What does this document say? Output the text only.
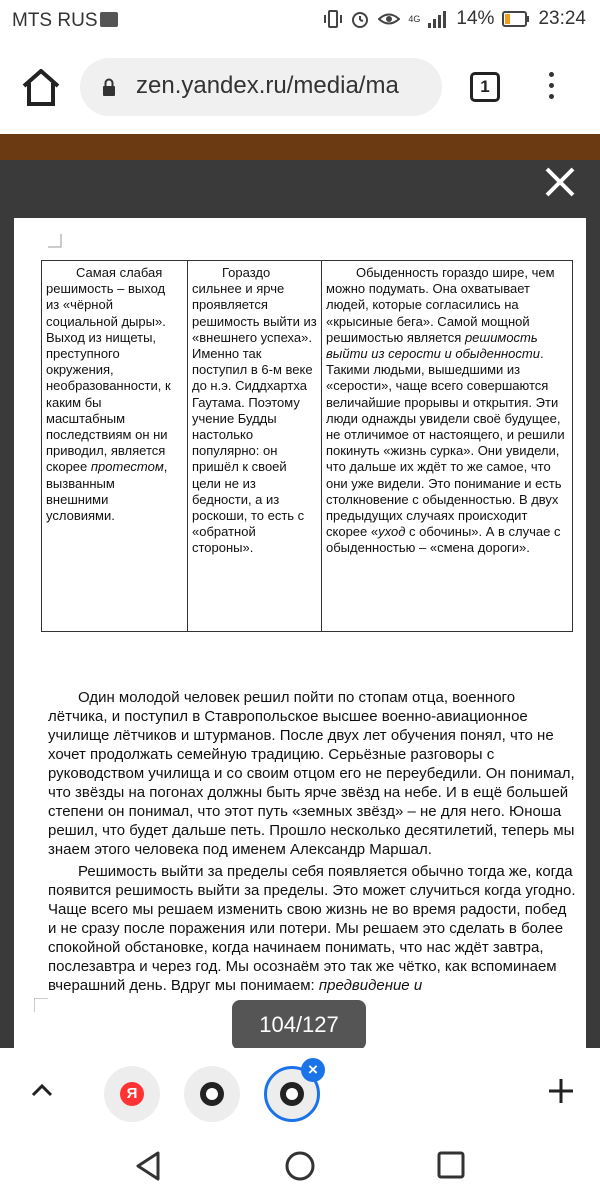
MTS RUS	4G 14% 23:24
zen.yandex.ru/media/ma	1

Самая слабая решимость – выход из «чёрной социальной дыры». Выход из нищеты, преступного окружения, необразованности, к каким бы масштабным последствиям он ни приводил, является скорее протестом, вызванным внешними условиями.

Гораздо сильнее и ярче проявляется решимость выйти из «внешнего успеха». Именно так поступил в 6-м веке до н.э. Сиддхартха Гаутама. Поэтому учение Будды настолько популярно: он пришёл к своей цели не из бедности, а из роскоши, то есть с «обратной стороны».

Обыденность гораздо шире, чем можно подумать. Она охватывает людей, которые согласились на «крысиные бега». Самой мощной решимостью является решимость выйти из серости и обыденности. Такими людьми, вышедшими из «серости», чаще всего совершаются величайшие прорывы и открытия. Эти люди однажды увидели своё будущее, не отличимое от настоящего, и решили покинуть «жизнь сурка». Они увидели, что дальше их ждёт то же самое, что они уже видели. Это понимание и есть столкновение с обыденностью. В двух предыдущих случаях происходит скорее «уход с обочины». А в случае с обыденностью – «смена дороги».

Один молодой человек решил пойти по стопам отца, военного лётчика, и поступил в Ставропольское высшее военно-авиационное училище лётчиков и штурманов. После двух лет обучения понял, что не хочет продолжать семейную традицию. Серьёзные разговоры с руководством училища и со своим отцом его не переубедили. Он понимал, что звёзды на погонах должны быть ярче звёзд на небе. И в ещё большей степени он понимал, что этот путь «земных звёзд» – не для него. Юноша решил, что будет дальше петь. Прошло несколько десятилетий, теперь мы знаем этого человека под именем Александр Маршал.
Решимость выйти за пределы себя появляется обычно тогда же, когда появится решимость выйти за пределы. Это может случиться когда угодно. Чаще всего мы решаем изменить свою жизнь не во время радости, побед и не сразу после поражения или потери. Мы решаем это сделать в более спокойной обстановке, когда начинаем понимать, что нас ждёт завтра, послезавтра и через год. Мы осознаём это так же чётко, как вспоминаем вчерашний день. Вдруг мы понимаем: предвидение и
104/127
Я
×
